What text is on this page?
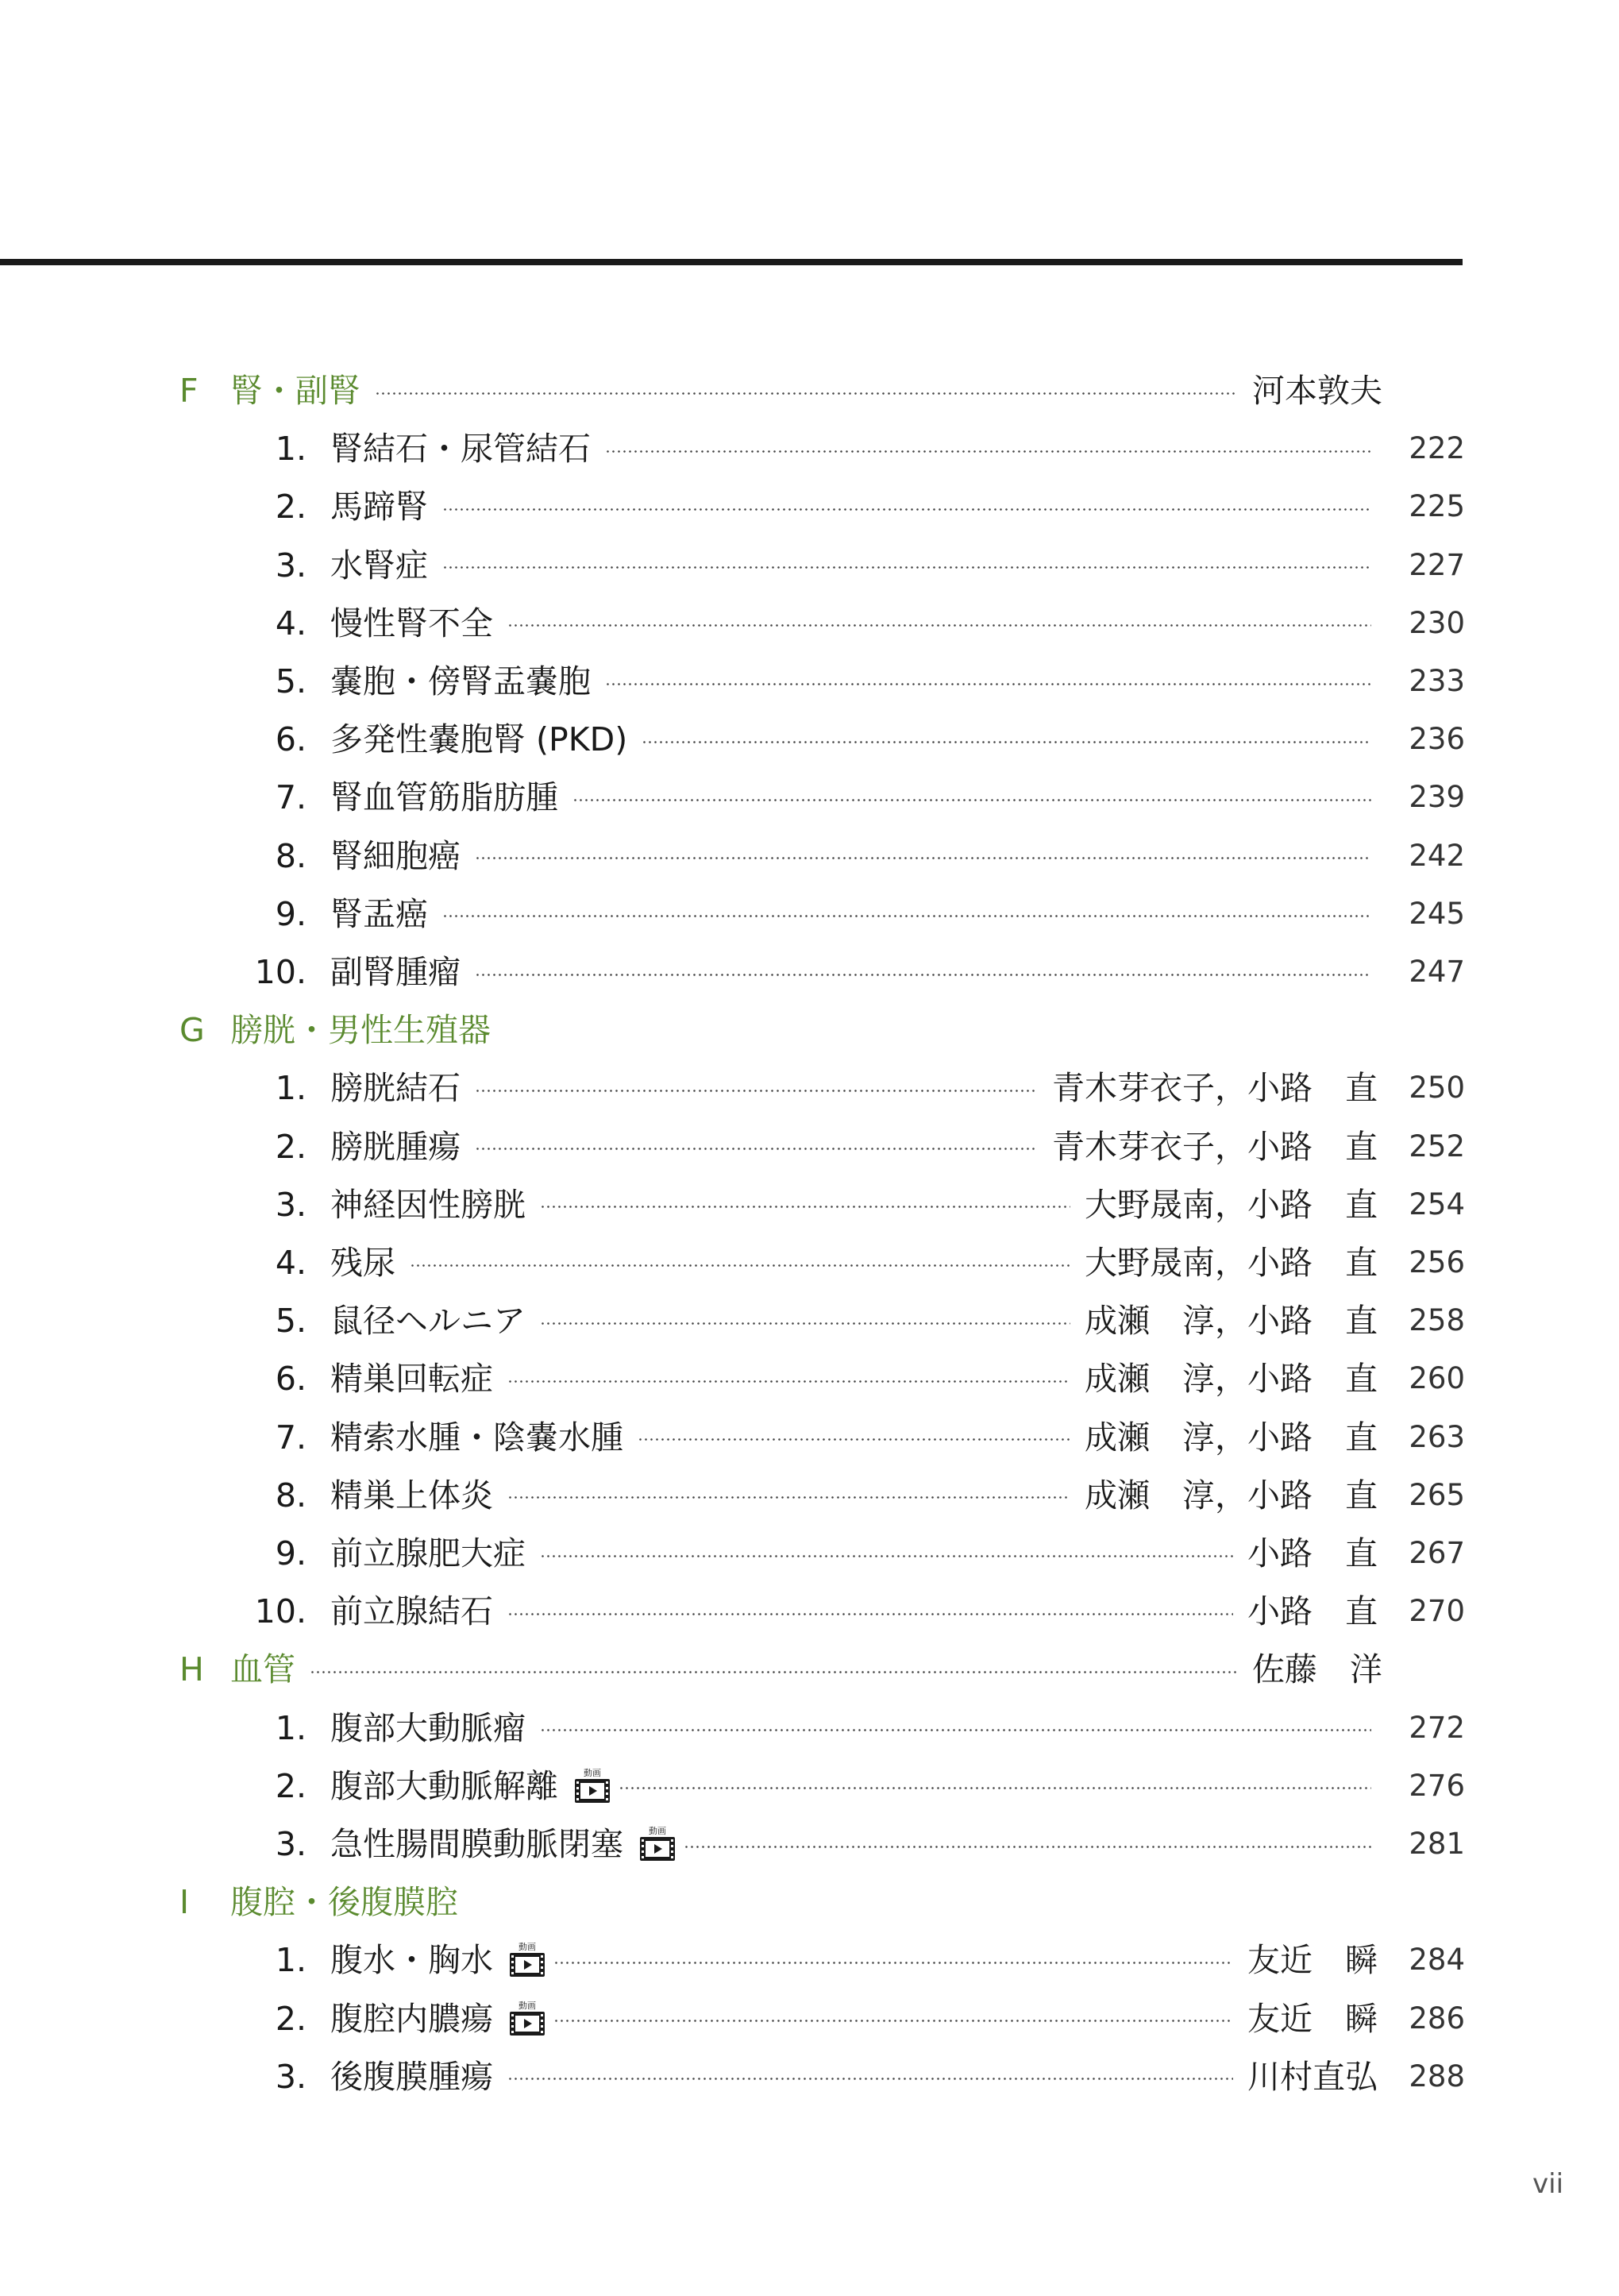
F 腎・副腎	河本敦夫
1. 腎結石・尿管結石	222
2. 馬蹄腎	225
3. 水腎症	227
4. 慢性腎不全	230
5. 嚢胞・傍腎盂嚢胞	233
6. 多発性嚢胞腎 (PKD)	236
7. 腎血管筋脂肪腫	239
8. 腎細胞癌	242
9. 腎盂癌	245
10. 副腎腫瘤	247
G 膀胱・男性生殖器
1. 膀胱結石	青木芽衣子，小路　直	250
2. 膀胱腫瘍	青木芽衣子，小路　直	252
3. 神経因性膀胱	大野晟南，小路　直	254
4. 残尿	大野晟南，小路　直	256
5. 鼠径ヘルニア	成瀬　淳，小路　直	258
6. 精巣回転症	成瀬　淳，小路　直	260
7. 精索水腫・陰嚢水腫	成瀬　淳，小路　直	263
8. 精巣上体炎	成瀬　淳，小路　直	265
9. 前立腺肥大症	小路　直	267
10. 前立腺結石	小路　直	270
H 血管	佐藤　洋
1. 腹部大動脈瘤	272
2. 腹部大動脈解離	動画	276
3. 急性腸間膜動脈閉塞	動画	281
I	腹腔・後腹膜腔
1. 腹水・胸水	動画	友近　瞬	284
2. 腹腔内膿瘍	動画	友近　瞬	286
3. 後腹膜腫瘍	川村直弘	288
vii
